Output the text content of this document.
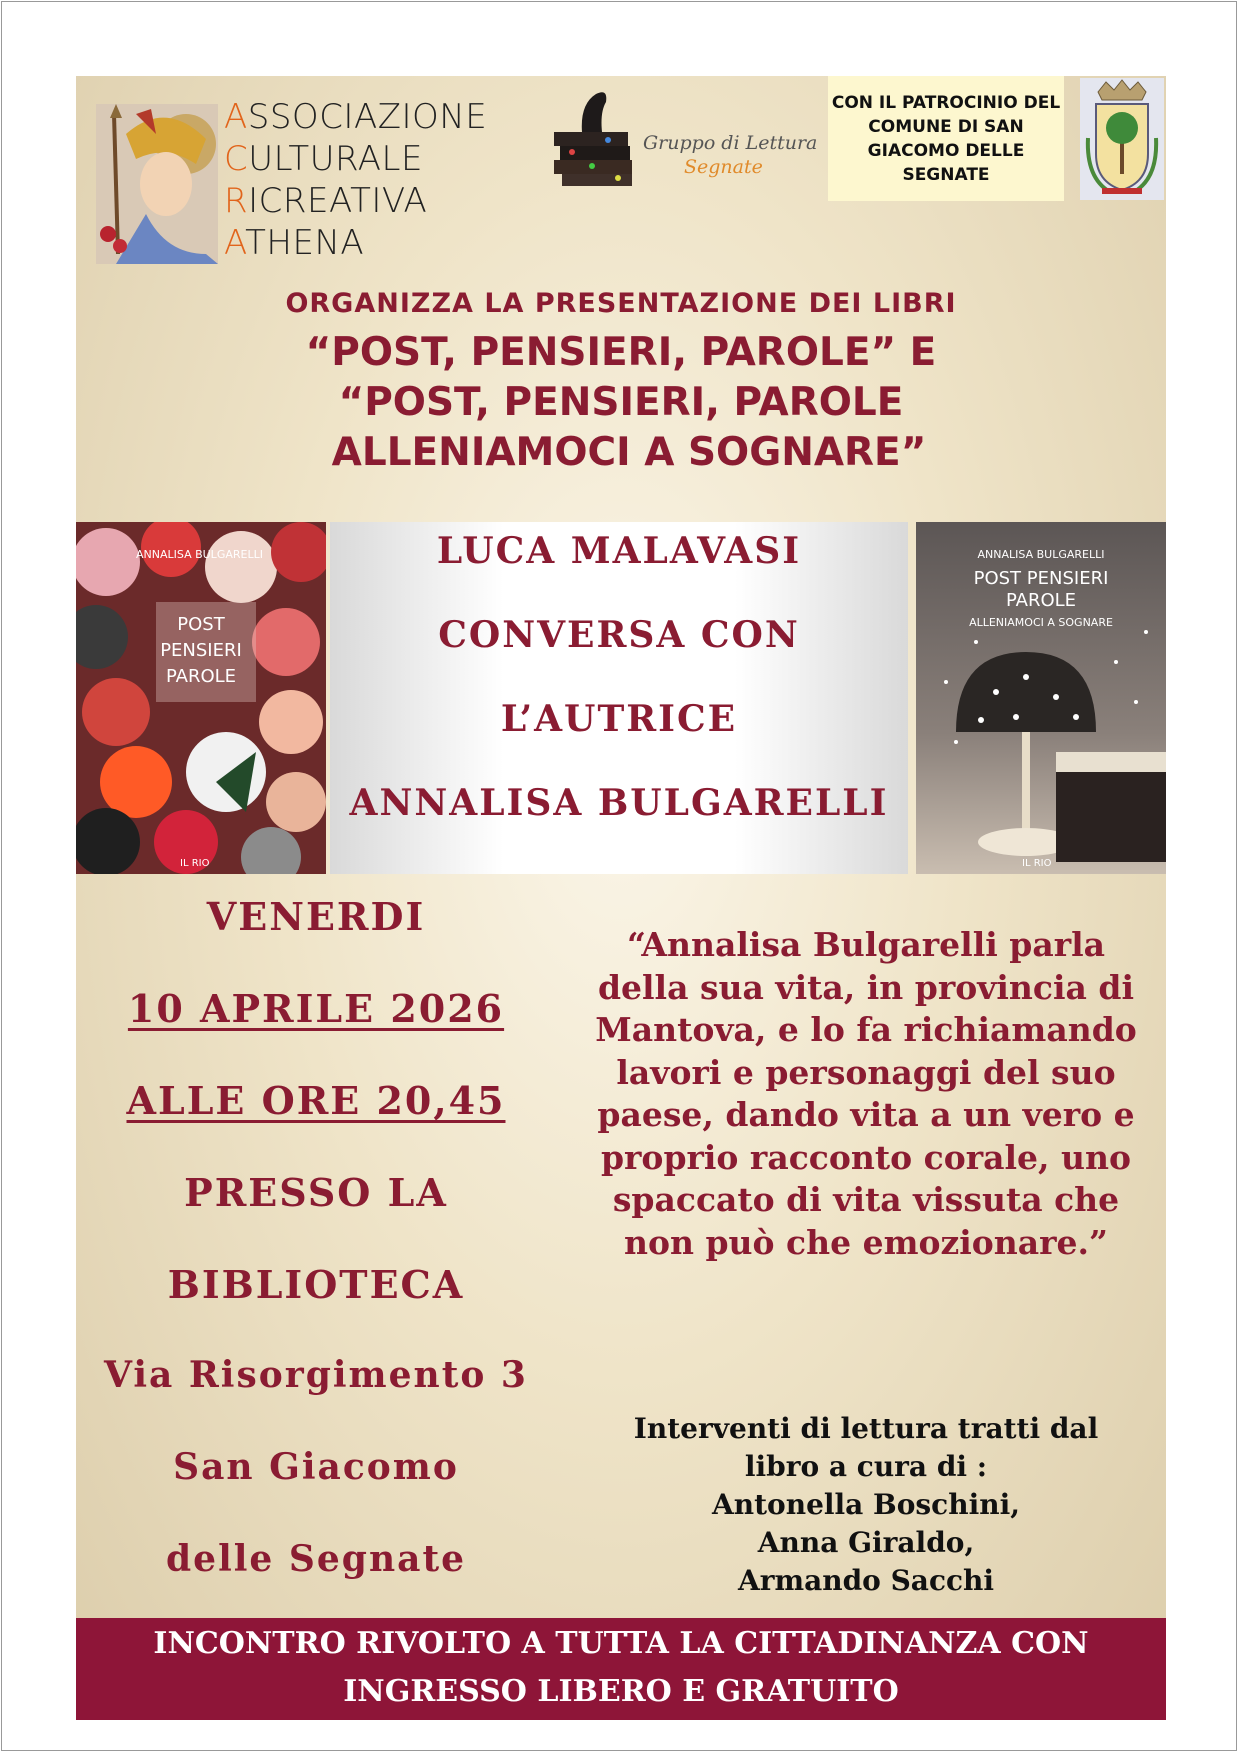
ASSOCIAZIONE
CULTURALE
RICREATIVA
ATHENA
Gruppo di Lettura
Segnate
CON IL PATROCINIO DEL
COMUNE DI SAN
GIACOMO DELLE SEGNATE
ORGANIZZA LA PRESENTAZIONE DEI LIBRI
“POST, PENSIERI, PAROLE” E
“POST, PENSIERI, PAROLE
ALLENIAMOCI A SOGNARE”
ANNALISA BULGARELLI
POST
PENSIERI
PAROLE
IL RIO
LUCA MALAVASI
CONVERSA CON
L’AUTRICE
ANNALISA BULGARELLI
ANNALISA BULGARELLI
POST PENSIERI
PAROLE
ALLENIAMOCI A SOGNARE
IL RIO
VENERDI
10 APRILE 2026
ALLE ORE 20,45
PRESSO LA
BIBLIOTECA
Via Risorgimento 3
San Giacomo
delle Segnate
“Annalisa Bulgarelli parla
della sua vita, in provincia di
Mantova, e lo fa richiamando
lavori e personaggi del suo
paese, dando vita a un vero e
proprio racconto corale, uno
spaccato di vita vissuta che
non può che emozionare.”
Interventi di lettura tratti dal
libro a cura di :
Antonella Boschini,
Anna Giraldo,
Armando Sacchi
INCONTRO RIVOLTO A TUTTA LA CITTADINANZA CON
INGRESSO LIBERO E GRATUITO
